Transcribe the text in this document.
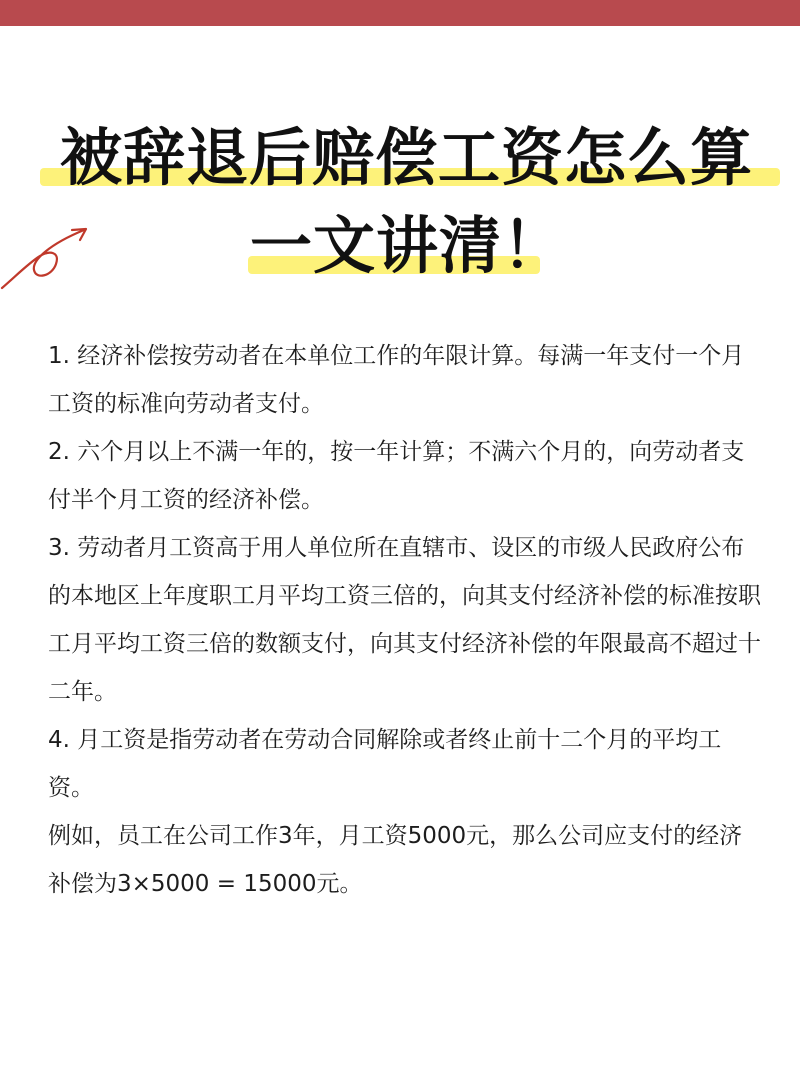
被辞退后赔偿工资怎么算
一文讲清！

1. 经济补偿按劳动者在本单位工作的年限计算。每满一年支付一个月工资的标准向劳动者支付。

2. 六个月以上不满一年的，按一年计算；不满六个月的，向劳动者支付半个月工资的经济补偿。

3. 劳动者月工资高于用人单位所在直辖市、设区的市级人民政府公布的本地区上年度职工月平均工资三倍的，向其支付经济补偿的标准按职工月平均工资三倍的数额支付，向其支付经济补偿的年限最高不超过十二年。

4. 月工资是指劳动者在劳动合同解除或者终止前十二个月的平均工资。

例如，员工在公司工作3年，月工资5000元，那么公司应支付的经济补偿为3×5000 = 15000元。
